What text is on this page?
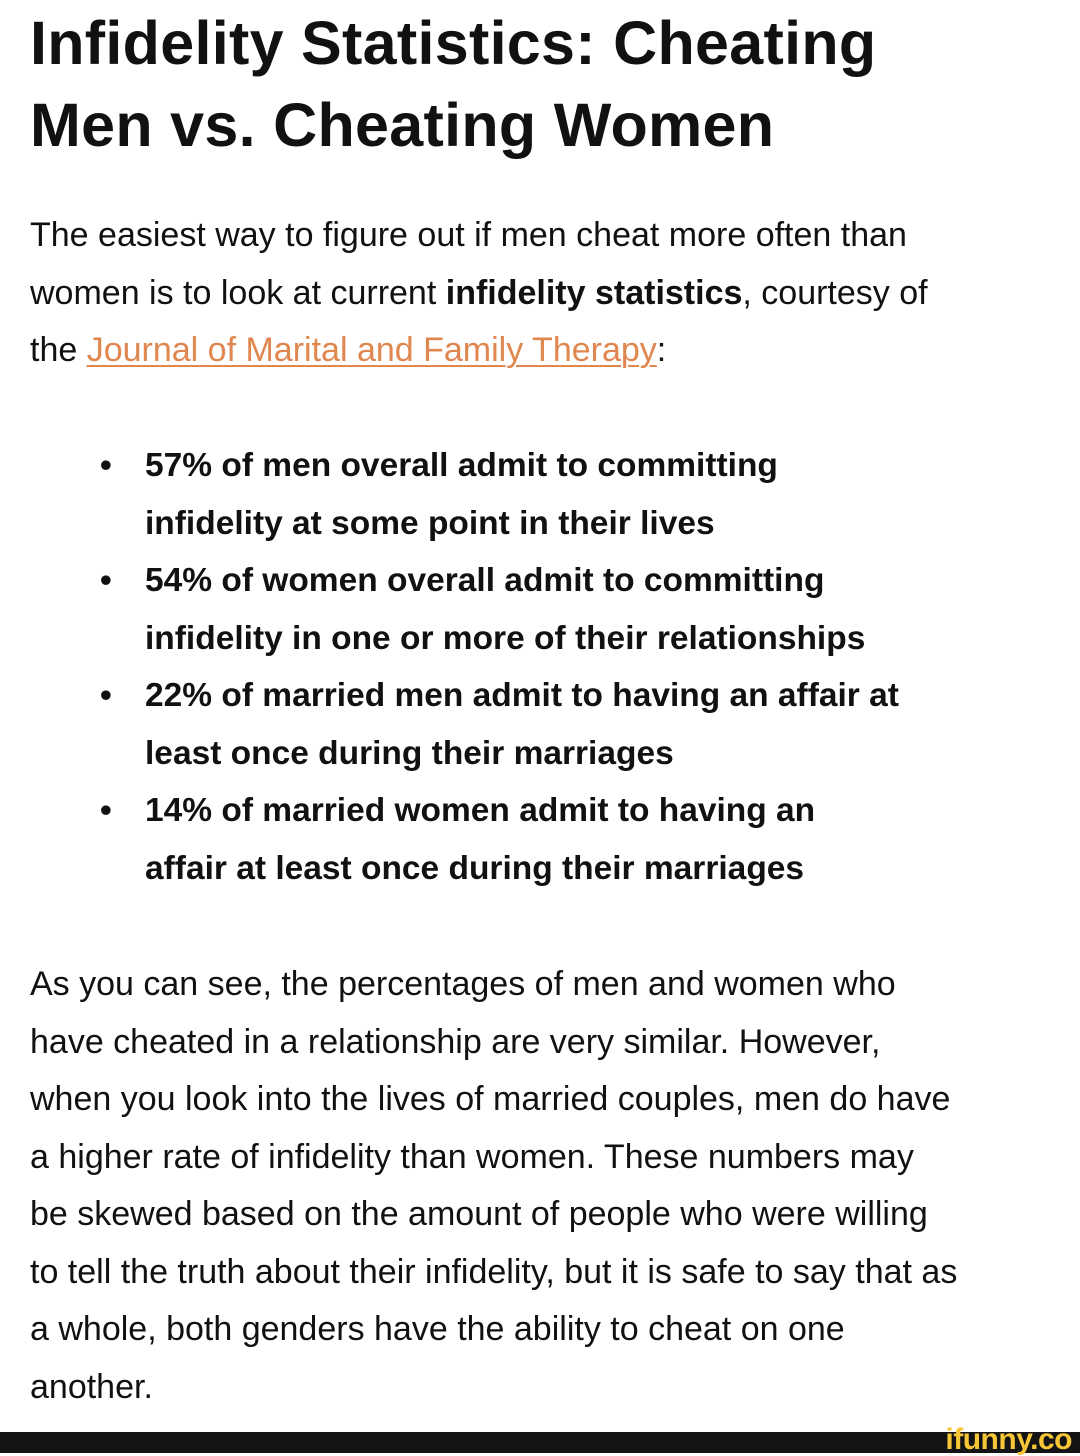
Infidelity Statistics: Cheating
Men vs. Cheating Women

The easiest way to figure out if men cheat more often than
women is to look at current infidelity statistics, courtesy of
the Journal of Marital and Family Therapy:

• 57% of men overall admit to committing
infidelity at some point in their lives
• 54% of women overall admit to committing
infidelity in one or more of their relationships
• 22% of married men admit to having an affair at
least once during their marriages
• 14% of married women admit to having an
affair at least once during their marriages

As you can see, the percentages of men and women who
have cheated in a relationship are very similar. However,
when you look into the lives of married couples, men do have
a higher rate of infidelity than women. These numbers may
be skewed based on the amount of people who were willing
to tell the truth about their infidelity, but it is safe to say that as
a whole, both genders have the ability to cheat on one
another.

ifunny.co
